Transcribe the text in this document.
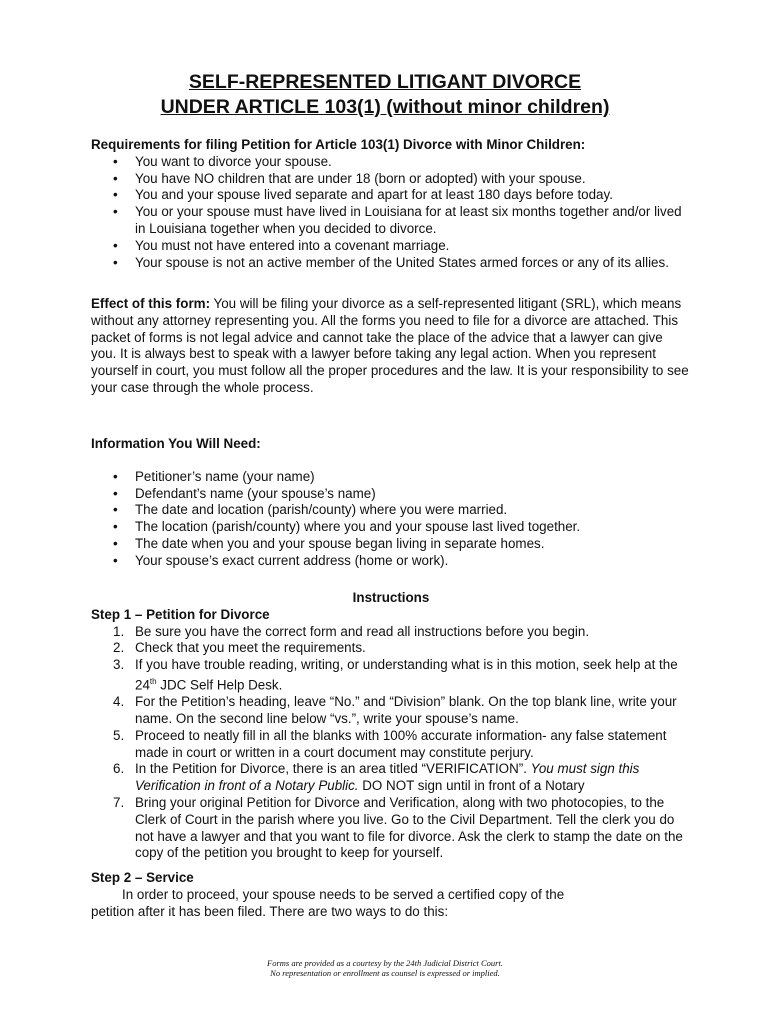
SELF-REPRESENTED LITIGANT DIVORCE
UNDER ARTICLE 103(1) (without minor children)

Requirements for filing Petition for Article 103(1) Divorce with Minor Children:

• You want to divorce your spouse.
• You have NO children that are under 18 (born or adopted) with your spouse.
• You and your spouse lived separate and apart for at least 180 days before today.
• You or your spouse must have lived in Louisiana for at least six months together and/or lived in Louisiana together when you decided to divorce.
• You must not have entered into a covenant marriage.
• Your spouse is not an active member of the United States armed forces or any of its allies.

Effect of this form: You will be filing your divorce as a self-represented litigant (SRL), which means without any attorney representing you. All the forms you need to file for a divorce are attached. This packet of forms is not legal advice and cannot take the place of the advice that a lawyer can give you. It is always best to speak with a lawyer before taking any legal action. When you represent yourself in court, you must follow all the proper procedures and the law. It is your responsibility to see your case through the whole process.

Information You Will Need:

• Petitioner’s name (your name)
• Defendant’s name (your spouse’s name)
• The date and location (parish/county) where you were married.
• The location (parish/county) where you and your spouse last lived together.
• The date when you and your spouse began living in separate homes.
• Your spouse’s exact current address (home or work).

Instructions

Step 1 – Petition for Divorce

1. Be sure you have the correct form and read all instructions before you begin.
2. Check that you meet the requirements.
3. If you have trouble reading, writing, or understanding what is in this motion, seek help at the 24th JDC Self Help Desk.
4. For the Petition’s heading, leave “No.” and “Division” blank. On the top blank line, write your name. On the second line below “vs.”, write your spouse’s name.
5. Proceed to neatly fill in all the blanks with 100% accurate information- any false statement made in court or written in a court document may constitute perjury.
6. In the Petition for Divorce, there is an area titled “VERIFICATION”. You must sign this Verification in front of a Notary Public. DO NOT sign until in front of a Notary
7. Bring your original Petition for Divorce and Verification, along with two photocopies, to the Clerk of Court in the parish where you live. Go to the Civil Department. Tell the clerk you do not have a lawyer and that you want to file for divorce. Ask the clerk to stamp the date on the copy of the petition you brought to keep for yourself.

Step 2 – Service

In order to proceed, your spouse needs to be served a certified copy of the

petition after it has been filed. There are two ways to do this:

Forms are provided as a courtesy by the 24th Judicial District Court.
No representation or enrollment as counsel is expressed or implied.
